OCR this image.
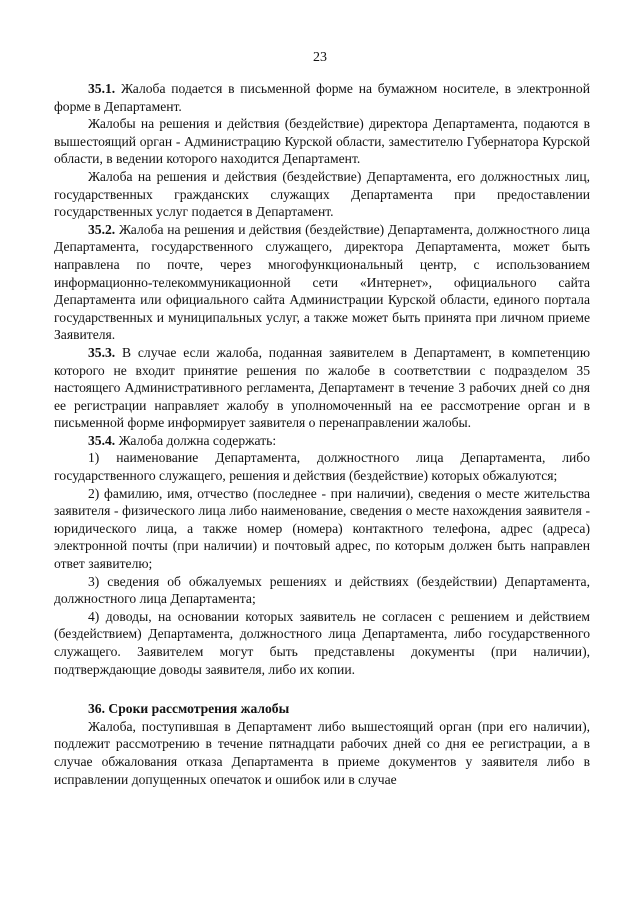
23

35.1. Жалоба подается в письменной форме на бумажном носителе, в электронной форме в Департамент.

Жалобы на решения и действия (бездействие) директора Департамента, подаются в вышестоящий орган - Администрацию Курской области, заместителю Губернатора Курской области, в ведении которого находится Департамент.

Жалоба на решения и действия (бездействие) Департамента, его должностных лиц, государственных гражданских служащих Департамента при предоставлении государственных услуг подается в Департамент.

35.2. Жалоба на решения и действия (бездействие) Департамента, должностного лица Департамента, государственного служащего, директора Департамента, может быть направлена по почте, через многофункциональный центр, с использованием информационно-телекоммуникационной сети «Интернет», официального сайта Департамента или официального сайта Администрации Курской области, единого портала государственных и муниципальных услуг, а также может быть принята при личном приеме Заявителя.

35.3. В случае если жалоба, поданная заявителем в Департамент, в компетенцию которого не входит принятие решения по жалобе в соответствии с подразделом 35 настоящего Административного регламента, Департамент в течение 3 рабочих дней со дня ее регистрации направляет жалобу в уполномоченный на ее рассмотрение орган и в письменной форме информирует заявителя о перенаправлении жалобы.

35.4. Жалоба должна содержать:

1) наименование Департамента, должностного лица Департамента, либо государственного служащего, решения и действия (бездействие) которых обжалуются;

2) фамилию, имя, отчество (последнее - при наличии), сведения о месте жительства заявителя - физического лица либо наименование, сведения о месте нахождения заявителя - юридического лица, а также номер (номера) контактного телефона, адрес (адреса) электронной почты (при наличии) и почтовый адрес, по которым должен быть направлен ответ заявителю;

3) сведения об обжалуемых решениях и действиях (бездействии) Департамента, должностного лица Департамента;

4) доводы, на основании которых заявитель не согласен с решением и действием (бездействием) Департамента, должностного лица Департамента, либо государственного служащего. Заявителем могут быть представлены документы (при наличии), подтверждающие доводы заявителя, либо их копии.

36. Сроки рассмотрения жалобы

Жалоба, поступившая в Департамент либо вышестоящий орган (при его наличии), подлежит рассмотрению в течение пятнадцати рабочих дней со дня ее регистрации, а в случае обжалования отказа Департамента в приеме документов у заявителя либо в исправлении допущенных опечаток и ошибок или в случае
